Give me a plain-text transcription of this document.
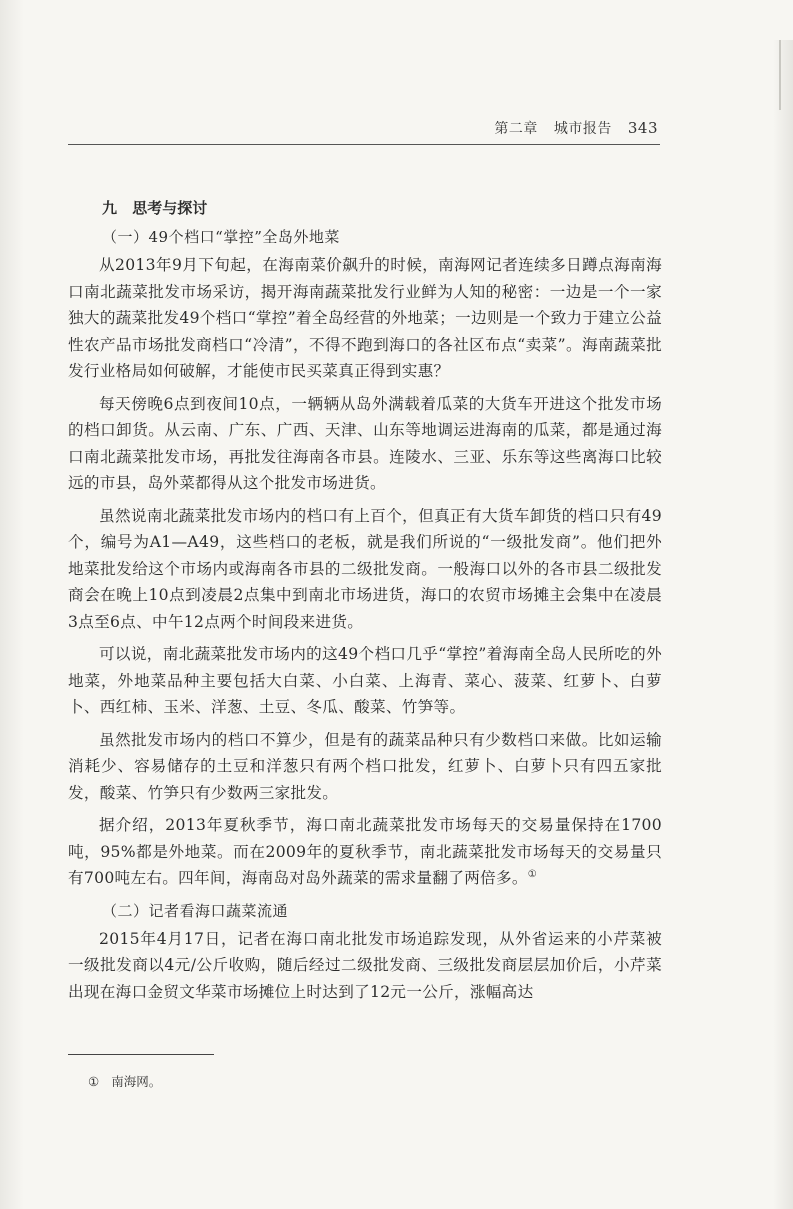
第二章 城市报告 343
九 思考与探讨
（一）49个档口“掌控”全岛外地菜

从2013年9月下旬起，在海南菜价飙升的时候，南海网记者连续多日蹲点海南海口南北蔬菜批发市场采访，揭开海南蔬菜批发行业鲜为人知的秘密：一边是一个一家独大的蔬菜批发49个档口“掌控”着全岛经营的外地菜；一边则是一个致力于建立公益性农产品市场批发商档口“冷清”，不得不跑到海口的各社区布点“卖菜”。海南蔬菜批发行业格局如何破解，才能使市民买菜真正得到实惠？

每天傍晚6点到夜间10点，一辆辆从岛外满载着瓜菜的大货车开进这个批发市场的档口卸货。从云南、广东、广西、天津、山东等地调运进海南的瓜菜，都是通过海口南北蔬菜批发市场，再批发往海南各市县。连陵水、三亚、乐东等这些离海口比较远的市县，岛外菜都得从这个批发市场进货。

虽然说南北蔬菜批发市场内的档口有上百个，但真正有大货车卸货的档口只有49个，编号为A1—A49，这些档口的老板，就是我们所说的“一级批发商”。他们把外地菜批发给这个市场内或海南各市县的二级批发商。一般海口以外的各市县二级批发商会在晚上10点到凌晨2点集中到南北市场进货，海口的农贸市场摊主会集中在凌晨3点至6点、中午12点两个时间段来进货。

可以说，南北蔬菜批发市场内的这49个档口几乎“掌控”着海南全岛人民所吃的外地菜，外地菜品种主要包括大白菜、小白菜、上海青、菜心、菠菜、红萝卜、白萝卜、西红柿、玉米、洋葱、土豆、冬瓜、酸菜、竹笋等。

虽然批发市场内的档口不算少，但是有的蔬菜品种只有少数档口来做。比如运输消耗少、容易储存的土豆和洋葱只有两个档口批发，红萝卜、白萝卜只有四五家批发，酸菜、竹笋只有少数两三家批发。

据介绍，2013年夏秋季节，海口南北蔬菜批发市场每天的交易量保持在1700吨，95%都是外地菜。而在2009年的夏秋季节，南北蔬菜批发市场每天的交易量只有700吨左右。四年间，海南岛对岛外蔬菜的需求量翻了两倍多。①

（二）记者看海口蔬菜流通

2015年4月17日，记者在海口南北批发市场追踪发现，从外省运来的小芹菜被一级批发商以4元/公斤收购，随后经过二级批发商、三级批发商层层加价后，小芹菜出现在海口金贸文华菜市场摊位上时达到了12元一公斤，涨幅高达

① 南海网。
